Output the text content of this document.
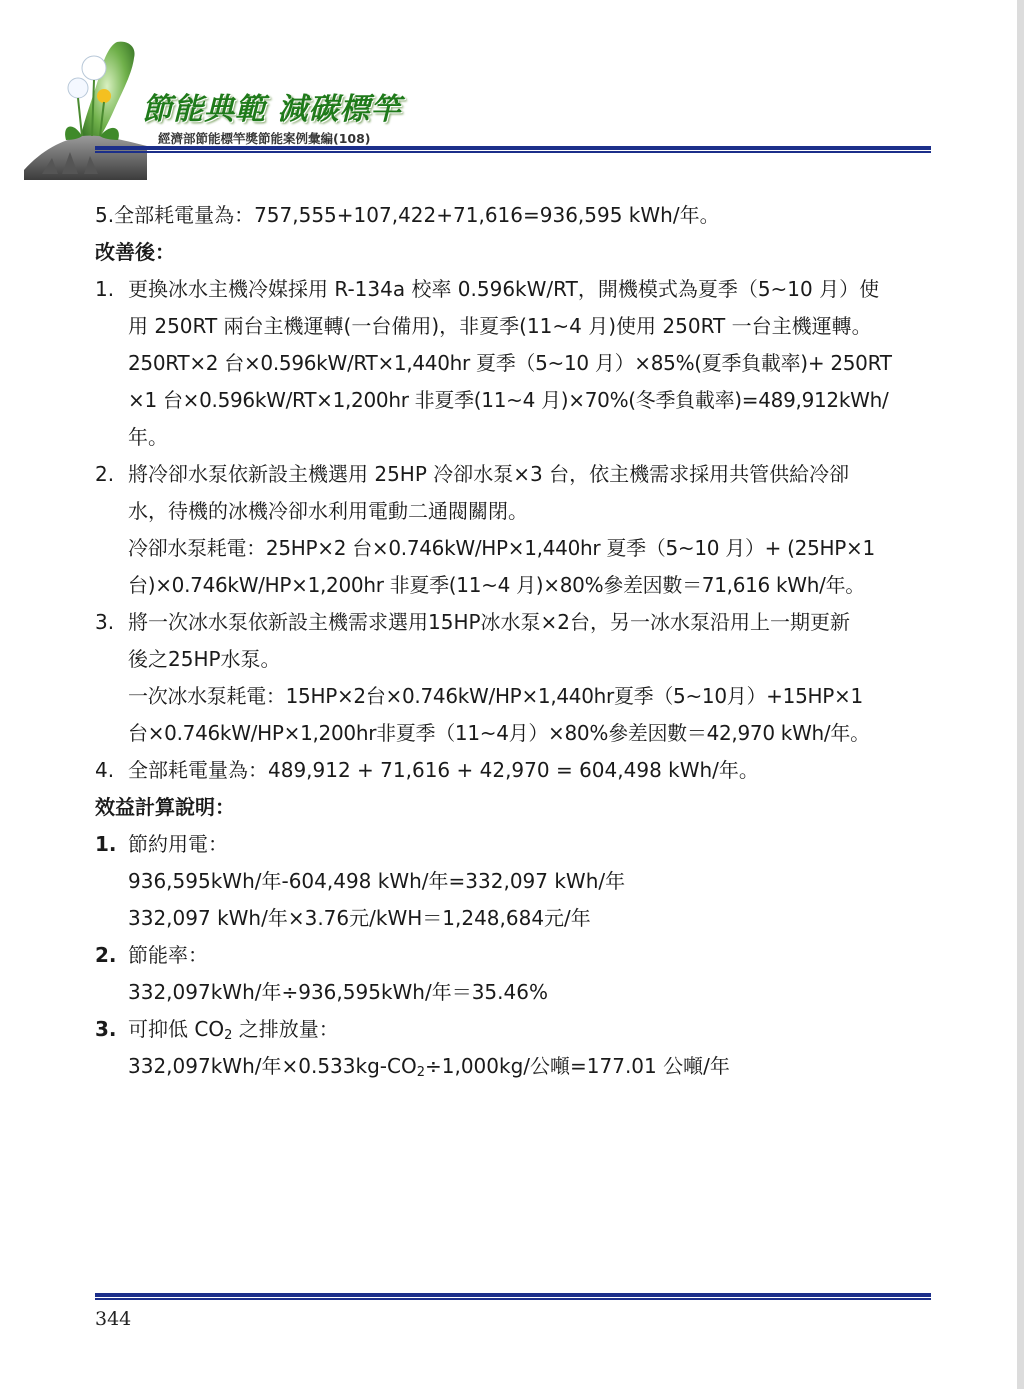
節能典範 減碳標竿
經濟部節能標竿獎節能案例彙編(108)
5.全部耗電量為：757,555+107,422+71,616=936,595 kWh/年。
改善後：
1. 更換冰水主機冷媒採用 R-134a 校率 0.596kW/RT，開機模式為夏季（5~10 月）使
用 250RT 兩台主機運轉(一台備用)，非夏季(11~4 月)使用 250RT 一台主機運轉。
250RT×2 台×0.596kW/RT×1,440hr 夏季（5~10 月）×85%(夏季負載率)+ 250RT
×1 台×0.596kW/RT×1,200hr 非夏季(11~4 月)×70%(冬季負載率)=489,912kWh/
年。
2. 將冷卻水泵依新設主機選用 25HP 冷卻水泵×3 台，依主機需求採用共管供給冷卻
水，待機的冰機冷卻水利用電動二通閥關閉。
冷卻水泵耗電：25HP×2 台×0.746kW/HP×1,440hr 夏季（5~10 月）+ (25HP×1
台)×0.746kW/HP×1,200hr 非夏季(11~4 月)×80%參差因數＝71,616 kWh/年。
3. 將一次冰水泵依新設主機需求選用15HP冰水泵×2台，另一冰水泵沿用上一期更新
後之25HP水泵。
一次冰水泵耗電：15HP×2台×0.746kW/HP×1,440hr夏季（5~10月）+15HP×1
台×0.746kW/HP×1,200hr非夏季（11~4月）×80%參差因數＝42,970 kWh/年。
4. 全部耗電量為：489,912 + 71,616 + 42,970 = 604,498 kWh/年。
效益計算說明：
1. 節約用電：
936,595kWh/年-604,498 kWh/年=332,097 kWh/年
332,097 kWh/年×3.76元/kWH＝1,248,684元/年
2. 節能率：
332,097kWh/年÷936,595kWh/年＝35.46%
3. 可抑低 $CO_2$ 之排放量：
332,097kWh/年$\times 0.533kg-CO_2\div 1,000kg/$公噸=177.01 公噸/年
344
